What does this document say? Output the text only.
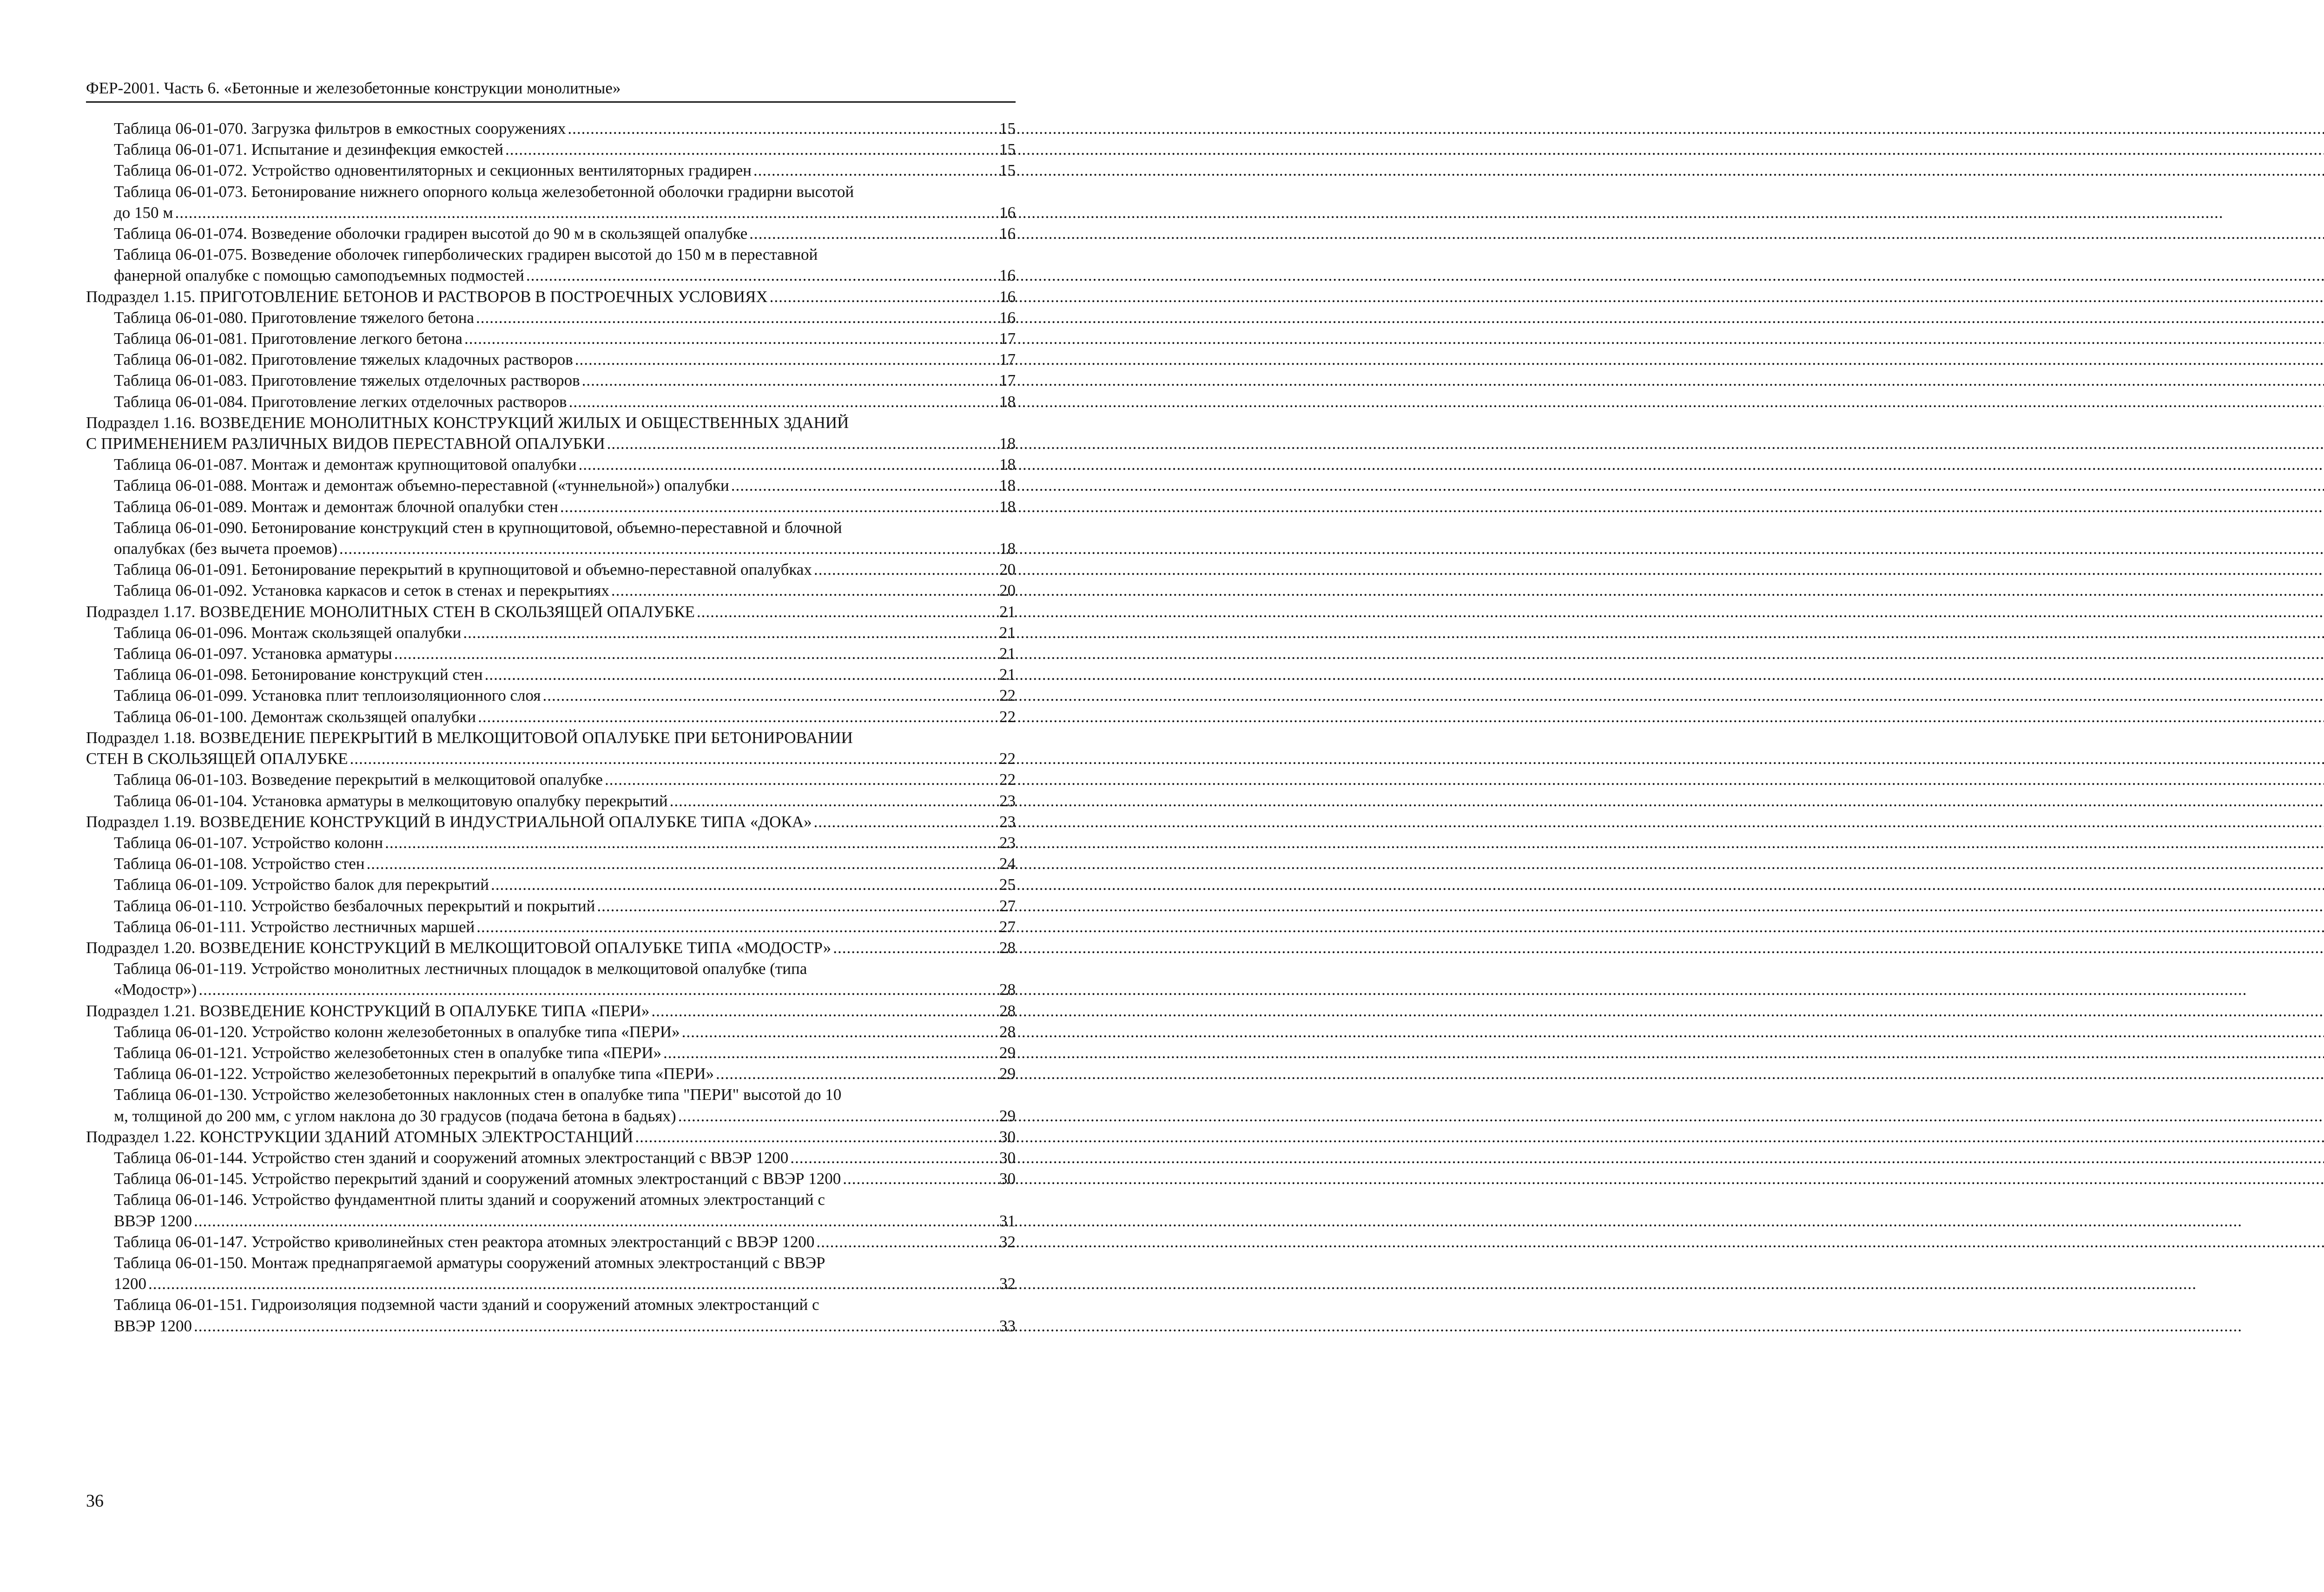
ФЕР-2001. Часть 6. «Бетонные и железобетонные конструкции монолитные»
Таблица 06-01-070. Загрузка фильтров в емкостных сооружениях .....	15
Таблица 06-01-071. Испытание и дезинфекция емкостей .....	15
Таблица 06-01-072. Устройство одновентиляторных и секционных вентиляторных градирен .....	15
Таблица 06-01-073. Бетонирование нижнего опорного кольца железобетонной оболочки градирни высотой
до 150 м .....	16
Таблица 06-01-074. Возведение оболочки градирен высотой до 90 м в скользящей опалубке .....	16
Таблица 06-01-075. Возведение оболочек гиперболических градирен высотой до 150 м в переставной
фанерной опалубке с помощью самоподъемных подмостей .....	16
Подраздел 1.15. ПРИГОТОВЛЕНИЕ БЕТОНОВ И РАСТВОРОВ В ПОСТРОЕЧНЫХ УСЛОВИЯХ .....	16
Таблица 06-01-080. Приготовление тяжелого бетона .....	16
Таблица 06-01-081. Приготовление легкого бетона .....	17
Таблица 06-01-082. Приготовление тяжелых кладочных растворов .....	17
Таблица 06-01-083. Приготовление тяжелых отделочных растворов .....	17
Таблица 06-01-084. Приготовление легких отделочных растворов .....	18
Подраздел 1.16. ВОЗВЕДЕНИЕ МОНОЛИТНЫХ КОНСТРУКЦИЙ ЖИЛЫХ И ОБЩЕСТВЕННЫХ ЗДАНИЙ
С ПРИМЕНЕНИЕМ РАЗЛИЧНЫХ ВИДОВ ПЕРЕСТАВНОЙ ОПАЛУБКИ .....	18
Таблица 06-01-087. Монтаж и демонтаж крупнощитовой опалубки .....	18
Таблица 06-01-088. Монтаж и демонтаж объемно-переставной («туннельной») опалубки .....	18
Таблица 06-01-089. Монтаж и демонтаж блочной опалубки стен .....	18
Таблица 06-01-090. Бетонирование конструкций стен в крупнощитовой, объемно-переставной и блочной
опалубках (без вычета проемов) .....	18
Таблица 06-01-091. Бетонирование перекрытий в крупнощитовой и объемно-переставной опалубках .....	20
Таблица 06-01-092. Установка каркасов и сеток в стенах и перекрытиях .....	20
Подраздел 1.17. ВОЗВЕДЕНИЕ МОНОЛИТНЫХ СТЕН В СКОЛЬЗЯЩЕЙ ОПАЛУБКЕ .....	21
Таблица 06-01-096. Монтаж скользящей опалубки .....	21
Таблица 06-01-097. Установка арматуры .....	21
Таблица 06-01-098. Бетонирование конструкций стен .....	21
Таблица 06-01-099. Установка плит теплоизоляционного слоя .....	22
Таблица 06-01-100. Демонтаж скользящей опалубки .....	22
Подраздел 1.18. ВОЗВЕДЕНИЕ ПЕРЕКРЫТИЙ В МЕЛКОЩИТОВОЙ ОПАЛУБКЕ ПРИ БЕТОНИРОВАНИИ
СТЕН В СКОЛЬЗЯЩЕЙ ОПАЛУБКЕ .....	22
Таблица 06-01-103. Возведение перекрытий в мелкощитовой опалубке .....	22
Таблица 06-01-104. Установка арматуры в мелкощитовую опалубку перекрытий .....	23
Подраздел 1.19. ВОЗВЕДЕНИЕ КОНСТРУКЦИЙ В ИНДУСТРИАЛЬНОЙ ОПАЛУБКЕ ТИПА «ДОКА» .....	23
Таблица 06-01-107. Устройство колонн .....	23
Таблица 06-01-108. Устройство стен .....	24
Таблица 06-01-109. Устройство балок для перекрытий .....	25
Таблица 06-01-110. Устройство безбалочных перекрытий и покрытий .....	27
Таблица 06-01-111. Устройство лестничных маршей .....	27
Подраздел 1.20. ВОЗВЕДЕНИЕ КОНСТРУКЦИЙ В МЕЛКОЩИТОВОЙ ОПАЛУБКЕ ТИПА «МОДОСТР» .....	28
Таблица 06-01-119. Устройство монолитных лестничных площадок в мелкощитовой опалубке (типа
«Модостр») .....	28
Подраздел 1.21. ВОЗВЕДЕНИЕ КОНСТРУКЦИЙ В ОПАЛУБКЕ ТИПА «ПЕРИ» .....	28
Таблица 06-01-120. Устройство колонн железобетонных в опалубке типа «ПЕРИ» .....	28
Таблица 06-01-121. Устройство железобетонных стен в опалубке типа «ПЕРИ» .....	29
Таблица 06-01-122. Устройство железобетонных перекрытий в опалубке типа «ПЕРИ» .....	29
Таблица 06-01-130. Устройство железобетонных наклонных стен в опалубке типа "ПЕРИ" высотой до 10
м, толщиной до 200 мм, с углом наклона до 30 градусов (подача бетона в бадьях) .....	29
Подраздел 1.22. КОНСТРУКЦИИ ЗДАНИЙ АТОМНЫХ ЭЛЕКТРОСТАНЦИЙ .....	30
Таблица 06-01-144. Устройство стен зданий и сооружений атомных электростанций с ВВЭР 1200 .....	30
Таблица 06-01-145. Устройство перекрытий зданий и сооружений атомных электростанций с ВВЭР 1200 .....	30
Таблица 06-01-146. Устройство фундаментной плиты зданий и сооружений атомных электростанций с
ВВЭР 1200 .....	31
Таблица 06-01-147. Устройство криволинейных стен реактора атомных электростанций с ВВЭР 1200 .....	32
Таблица 06-01-150. Монтаж преднапрягаемой арматуры сооружений атомных электростанций с ВВЭР
1200 .....	32
Таблица 06-01-151. Гидроизоляция подземной части зданий и сооружений атомных электростанций с
ВВЭР 1200 .....	33
36
